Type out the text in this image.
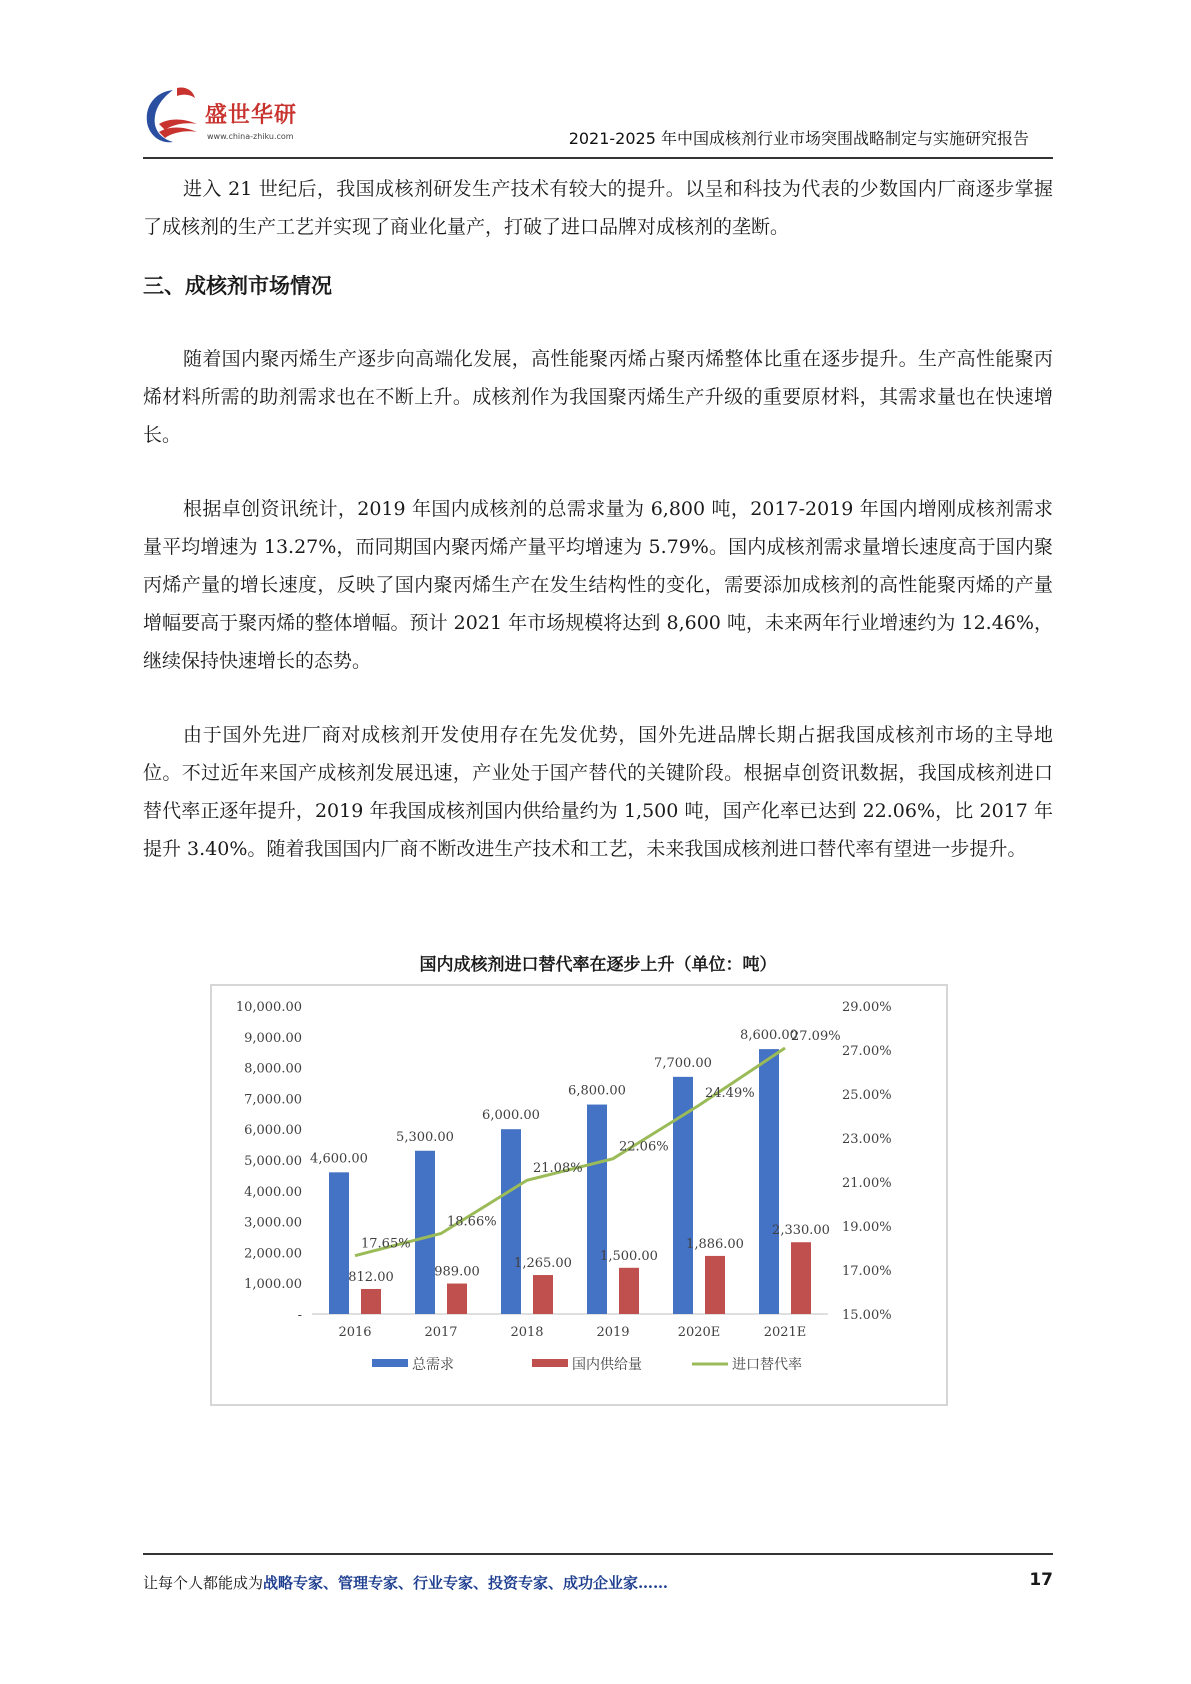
盛世华研
www.china-zhiku.com	2021-2025 年中国成核剂行业市场突围战略制定与实施研究报告

进入 21 世纪后，我国成核剂研发生产技术有较大的提升。以呈和科技为代表的少数国内厂商逐步掌握了成核剂的生产工艺并实现了商业化量产，打破了进口品牌对成核剂的垄断。

三、成核剂市场情况

随着国内聚丙烯生产逐步向高端化发展，高性能聚丙烯占聚丙烯整体比重在逐步提升。生产高性能聚丙烯材料所需的助剂需求也在不断上升。成核剂作为我国聚丙烯生产升级的重要原材料，其需求量也在快速增长。

根据卓创资讯统计，2019 年国内成核剂的总需求量为 6,800 吨，2017-2019 年国内增刚成核剂需求量平均增速为 13.27%，而同期国内聚丙烯产量平均增速为 5.79%。国内成核剂需求量增长速度高于国内聚丙烯产量的增长速度，反映了国内聚丙烯生产在发生结构性的变化，需要添加成核剂的高性能聚丙烯的产量增幅要高于聚丙烯的整体增幅。预计 2021 年市场规模将达到 8,600 吨，未来两年行业增速约为 12.46%，继续保持快速增长的态势。

由于国外先进厂商对成核剂开发使用存在先发优势，国外先进品牌长期占据我国成核剂市场的主导地位。不过近年来国产成核剂发展迅速，产业处于国产替代的关键阶段。根据卓创资讯数据，我国成核剂进口替代率正逐年提升，2019 年我国成核剂国内供给量约为 1,500 吨，国产化率已达到 22.06%，比 2017 年提升 3.40%。随着我国国内厂商不断改进生产技术和工艺，未来我国成核剂进口替代率有望进一步提升。

国内成核剂进口替代率在逐步上升（单位：吨）
-
1,000.00
2,000.00
3,000.00
4,000.00
5,000.00
6,000.00
7,000.00
8,000.00
9,000.00
10,000.00
15.00%
17.00%
19.00%
21.00%
23.00%
25.00%
27.00%
29.00%
2016
4,600.00
812.00
2017
5,300.00
989.00
2018
6,000.00
1,265.00
2019
6,800.00
1,500.00
2020E
7,700.00
1,886.00
2021E
8,600.00
2,330.00
17.65%
18.66%
21.08%
22.06%
24.49%
27.09%
总需求	国内供给量	进口替代率
让每个人都能成为战略专家、管理专家、行业专家、投资专家、成功企业家……	17
